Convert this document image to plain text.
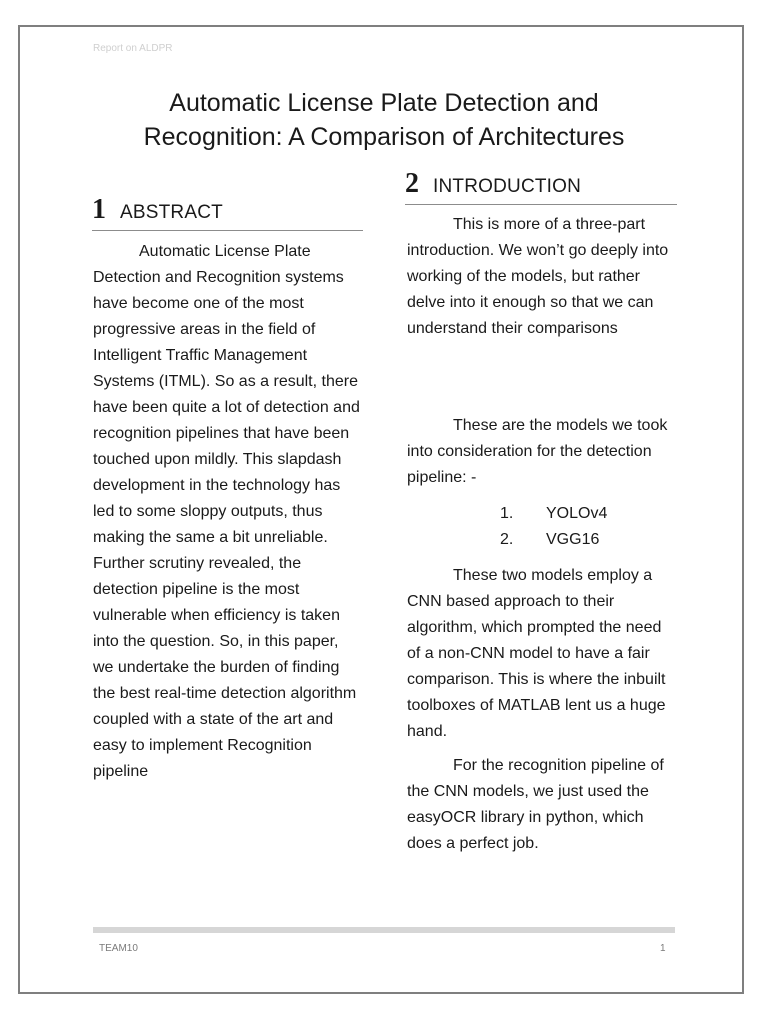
Report on ALDPR
Automatic License Plate Detection and
Recognition: A Comparison of Architectures
1 ABSTRACT

Automatic License Plate Detection and Recognition systems have become one of the most progressive areas in the field of Intelligent Traffic Management Systems (ITML). So as a result, there have been quite a lot of detection and recognition pipelines that have been touched upon mildly. This slapdash development in the technology has led to some sloppy outputs, thus making the same a bit unreliable. Further scrutiny revealed, the detection pipeline is the most vulnerable when efficiency is taken into the question. So, in this paper, we undertake the burden of finding the best real-time detection algorithm coupled with a state of the art and easy to implement Recognition pipeline

2 INTRODUCTION

This is more of a three-part introduction. We won’t go deeply into working of the models, but rather delve into it enough so that we can understand their comparisons

These are the models we took into consideration for the detection pipeline: -

1.	YOLOv4
2.	VGG16

These two models employ a CNN based approach to their algorithm, which prompted the need of a non-CNN model to have a fair comparison. This is where the inbuilt toolboxes of MATLAB lent us a huge hand.

For the recognition pipeline of the CNN models, we just used the easyOCR library in python, which does a perfect job.

TEAM10	1
